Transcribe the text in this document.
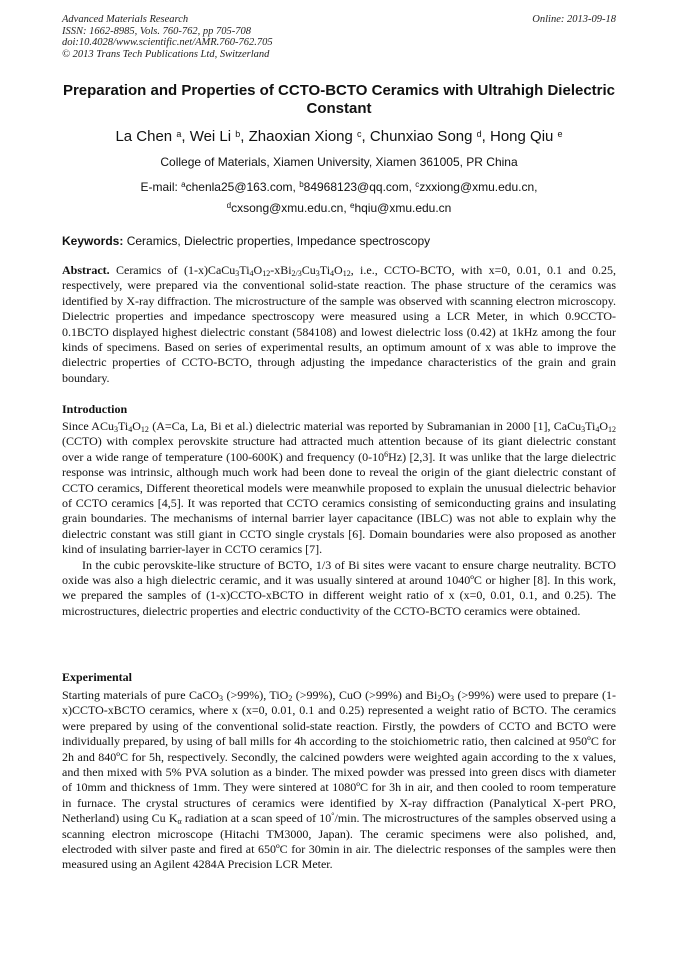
Advanced Materials Research
ISSN: 1662-8985, Vols. 760-762, pp 705-708
doi:10.4028/www.scientific.net/AMR.760-762.705
© 2013 Trans Tech Publications Ltd, Switzerland
Online: 2013-09-18
Preparation and Properties of CCTO-BCTO Ceramics with Ultrahigh Dielectric Constant
La Chen $^a$, Wei Li $^b$, Zhaoxian Xiong $^c$, Chunxiao Song $^d$, Hong Qiu $^e$
College of Materials, Xiamen University, Xiamen 361005, PR China
E-mail: $^a$chenla25@163.com, $^b$84968123@qq.com, $^c$zxxiong@xmu.edu.cn,
$^d$cxsong@xmu.edu.cn, $^e$hqiu@xmu.edu.cn
Keywords: Ceramics, Dielectric properties, Impedance spectroscopy

Abstract. Ceramics of $(1-x)CaCu_3Ti_4O_{12}-xBi_{2/3}Cu_3Ti_4O_{12}$, i.e., CCTO-BCTO, with x=0, 0.01, 0.1 and 0.25, respectively, were prepared via the conventional solid-state reaction. The phase structure of the ceramics was identified by X-ray diffraction. The microstructure of the sample was observed with scanning electron microscopy. Dielectric properties and impedance spectroscopy were measured using a LCR Meter, in which 0.9CCTO-0.1BCTO displayed highest dielectric constant (584108) and lowest dielectric loss (0.42) at 1kHz among the four kinds of specimens. Based on series of experimental results, an optimum amount of x was able to improve the dielectric properties of CCTO-BCTO, through adjusting the impedance characteristics of the grain and grain boundary.

Introduction

Since $ACu_3Ti_4O_{12}$ (A=Ca, La, Bi et al.) dielectric material was reported by Subramanian in 2000 [1], $CaCu_3Ti_4O_{12}$ (CCTO) with complex perovskite structure had attracted much attention because of its giant dielectric constant over a wide range of temperature (100-600K) and frequency $(0-10^6Hz)$ [2,3]. It was unlike that the large dielectric response was intrinsic, although much work had been done to reveal the origin of the giant dielectric constant of CCTO ceramics, Different theoretical models were meanwhile proposed to explain the unusual dielectric behavior of CCTO ceramics [4,5]. It was reported that CCTO ceramics consisting of semiconducting grains and insulating grain boundaries. The mechanisms of internal barrier layer capacitance (IBLC) was not able to explain why the dielectric constant was still giant in CCTO single crystals [6]. Domain boundaries were also proposed as another kind of insulating barrier-layer in CCTO ceramics [7].

In the cubic perovskite-like structure of BCTO, 1/3 of Bi sites were vacant to ensure charge neutrality. BCTO oxide was also a high dielectric ceramic, and it was usually sintered at around 1040ºC or higher [8]. In this work, we prepared the samples of (1-x)CCTO-xBCTO in different weight ratio of x (x=0, 0.01, 0.1, and 0.25). The microstructures, dielectric properties and electric conductivity of the CCTO-BCTO ceramics were obtained.

Experimental

Starting materials of pure CaCO$_3$ (>99%), TiO$_2$ (>99%), CuO (>99%) and $Bi_2O_3$ (>99%) were used to prepare (1-x)CCTO-xBCTO ceramics, where x (x=0, 0.01, 0.1 and 0.25) represented a weight ratio of BCTO. The ceramics were prepared by using of the conventional solid-state reaction. Firstly, the powders of CCTO and BCTO were individually prepared, by using of ball mills for 4h according to the stoichiometric ratio, then calcined at 950ºC for 2h and 840ºC for 5h, respectively. Secondly, the calcined powders were weighted again according to the x values, and then mixed with 5% PVA solution as a binder. The mixed powder was pressed into green discs with diameter of 10mm and thickness of 1mm. They were sintered at 1080ºC for 3h in air, and then cooled to room temperature in furnace. The crystal structures of ceramics were identified by X-ray diffraction (Panalytical X-pert PRO, Netherland) using Cu $K_\alpha$ radiation at a scan speed of 10°/min. The microstructures of the samples observed using a scanning electron microscope (Hitachi TM3000, Japan). The ceramic specimens were also polished, and, electroded with silver paste and fired at 650ºC for 30min in air. The dielectric responses of the samples were then measured using an Agilent 4284A Precision LCR Meter.
